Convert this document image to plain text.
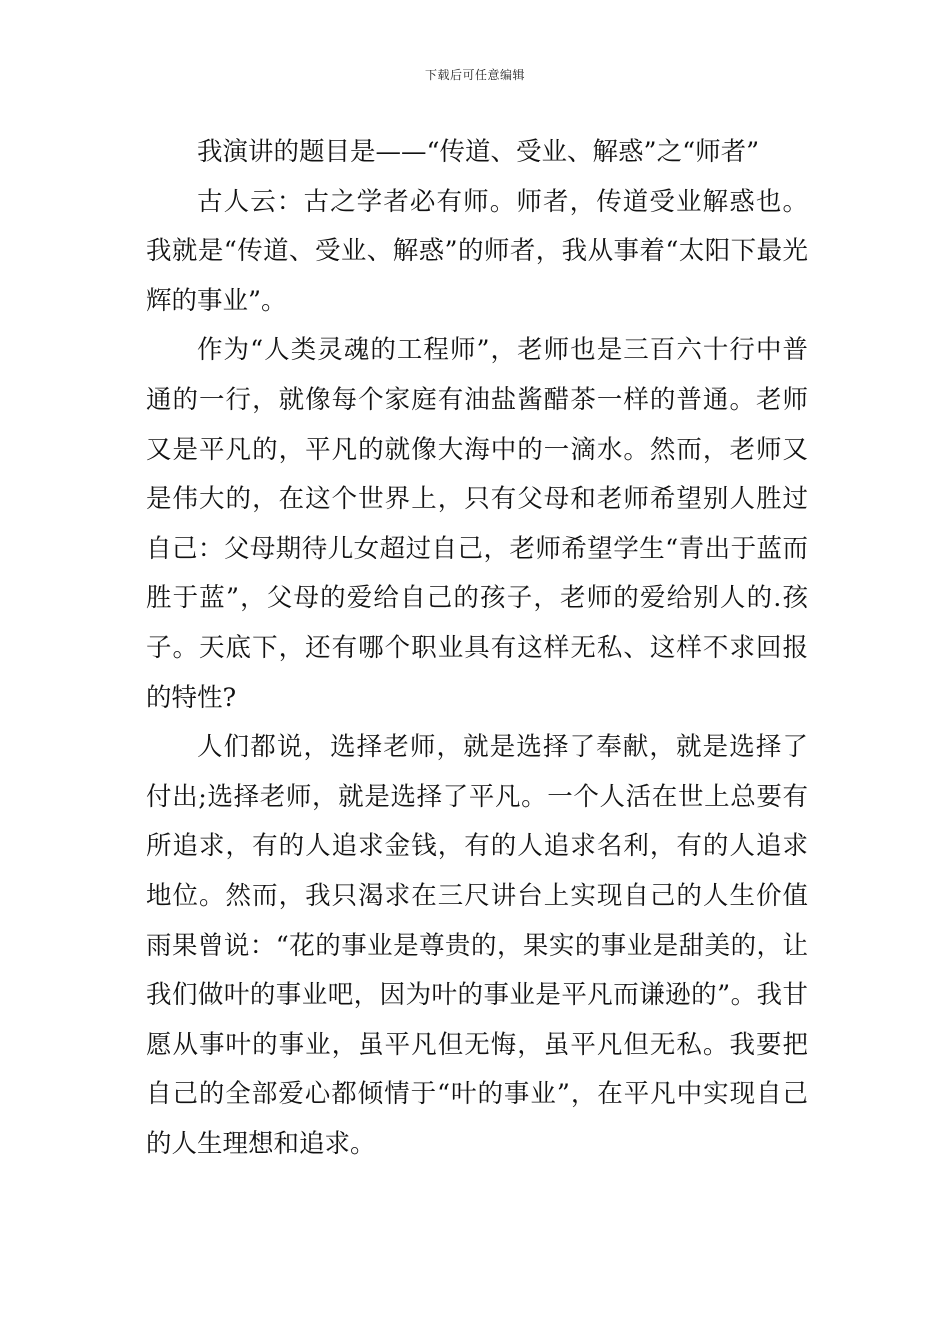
下载后可任意编辑

我演讲的题目是——“传道、受业、解惑”之“师者”

古人云：古之学者必有师。师者，传道受业解惑也。我就是“传道、受业、解惑”的师者，我从事着“太阳下最光辉的事业”。

作为“人类灵魂的工程师”，老师也是三百六十行中普通的一行，就像每个家庭有油盐酱醋茶一样的普通。老师又是平凡的，平凡的就像大海中的一滴水。然而，老师又是伟大的，在这个世界上，只有父母和老师希望别人胜过自己：父母期待儿女超过自己，老师希望学生“青出于蓝而胜于蓝”，父母的爱给自己的孩子，老师的爱给别人的.孩子。天底下，还有哪个职业具有这样无私、这样不求回报的特性?

人们都说，选择老师，就是选择了奉献，就是选择了付出;选择老师，就是选择了平凡。一个人活在世上总要有所追求，有的人追求金钱，有的人追求名利，有的人追求地位。然而，我只渴求在三尺讲台上实现自己的人生价值雨果曾说：“花的事业是尊贵的，果实的事业是甜美的，让我们做叶的事业吧，因为叶的事业是平凡而谦逊的”。我甘愿从事叶的事业，虽平凡但无悔，虽平凡但无私。我要把自己的全部爱心都倾情于“叶的事业”，在平凡中实现自己的人生理想和追求。
